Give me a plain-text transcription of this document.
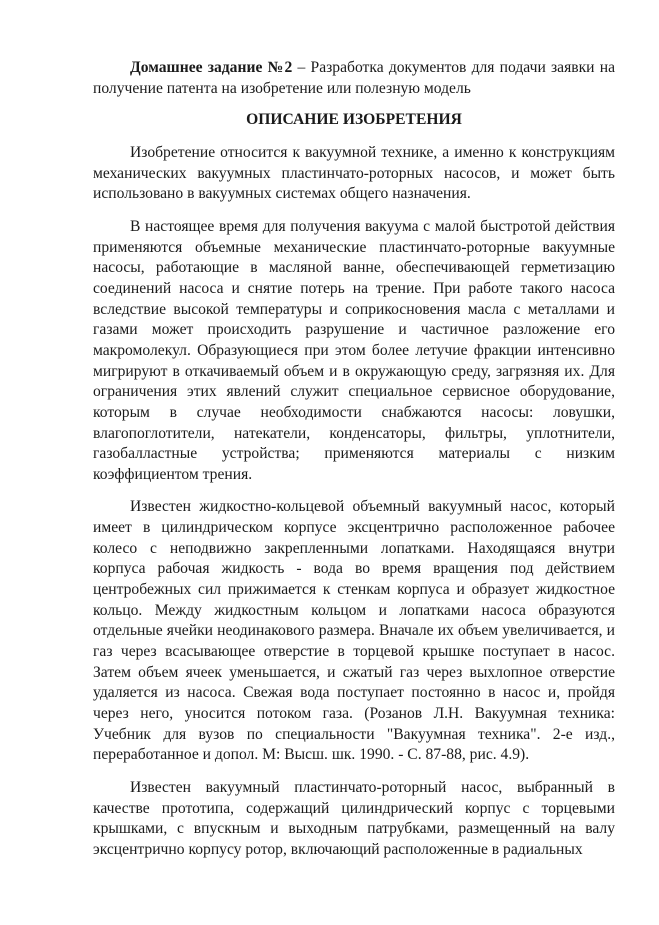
Домашнее задание №2 – Разработка документов для подачи заявки на получение патента на изобретение или полезную модель

ОПИСАНИЕ ИЗОБРЕТЕНИЯ

Изобретение относится к вакуумной технике, а именно к конструкциям механических вакуумных пластинчато-роторных насосов, и может быть использовано в вакуумных системах общего назначения.

В настоящее время для получения вакуума с малой быстротой действия применяются объемные механические пластинчато-роторные вакуумные насосы, работающие в масляной ванне, обеспечивающей герметизацию соединений насоса и снятие потерь на трение. При работе такого насоса вследствие высокой температуры и соприкосновения масла с металлами и газами может происходить разрушение и частичное разложение его макромолекул. Образующиеся при этом более летучие фракции интенсивно мигрируют в откачиваемый объем и в окружающую среду, загрязняя их. Для ограничения этих явлений служит специальное сервисное оборудование, которым в случае необходимости снабжаются насосы: ловушки, влагопоглотители, натекатели, конденсаторы, фильтры, уплотнители, газобалластные устройства; применяются материалы с низким коэффициентом трения.

Известен жидкостно-кольцевой объемный вакуумный насос, который имеет в цилиндрическом корпусе эксцентрично расположенное рабочее колесо с неподвижно закрепленными лопатками. Находящаяся внутри корпуса рабочая жидкость - вода во время вращения под действием центробежных сил прижимается к стенкам корпуса и образует жидкостное кольцо. Между жидкостным кольцом и лопатками насоса образуются отдельные ячейки неодинакового размера. Вначале их объем увеличивается, и газ через всасывающее отверстие в торцевой крышке поступает в насос. Затем объем ячеек уменьшается, и сжатый газ через выхлопное отверстие удаляется из насоса. Свежая вода поступает постоянно в насос и, пройдя через него, уносится потоком газа. (Розанов Л.Н. Вакуумная техника: Учебник для вузов по специальности "Вакуумная техника". 2-е изд., переработанное и допол. М: Высш. шк. 1990. - С. 87-88, рис. 4.9).

Известен вакуумный пластинчато-роторный насос, выбранный в качестве прототипа, содержащий цилиндрический корпус с торцевыми крышками, с впускным и выходным патрубками, размещенный на валу эксцентрично корпусу ротор, включающий расположенные в радиальных
